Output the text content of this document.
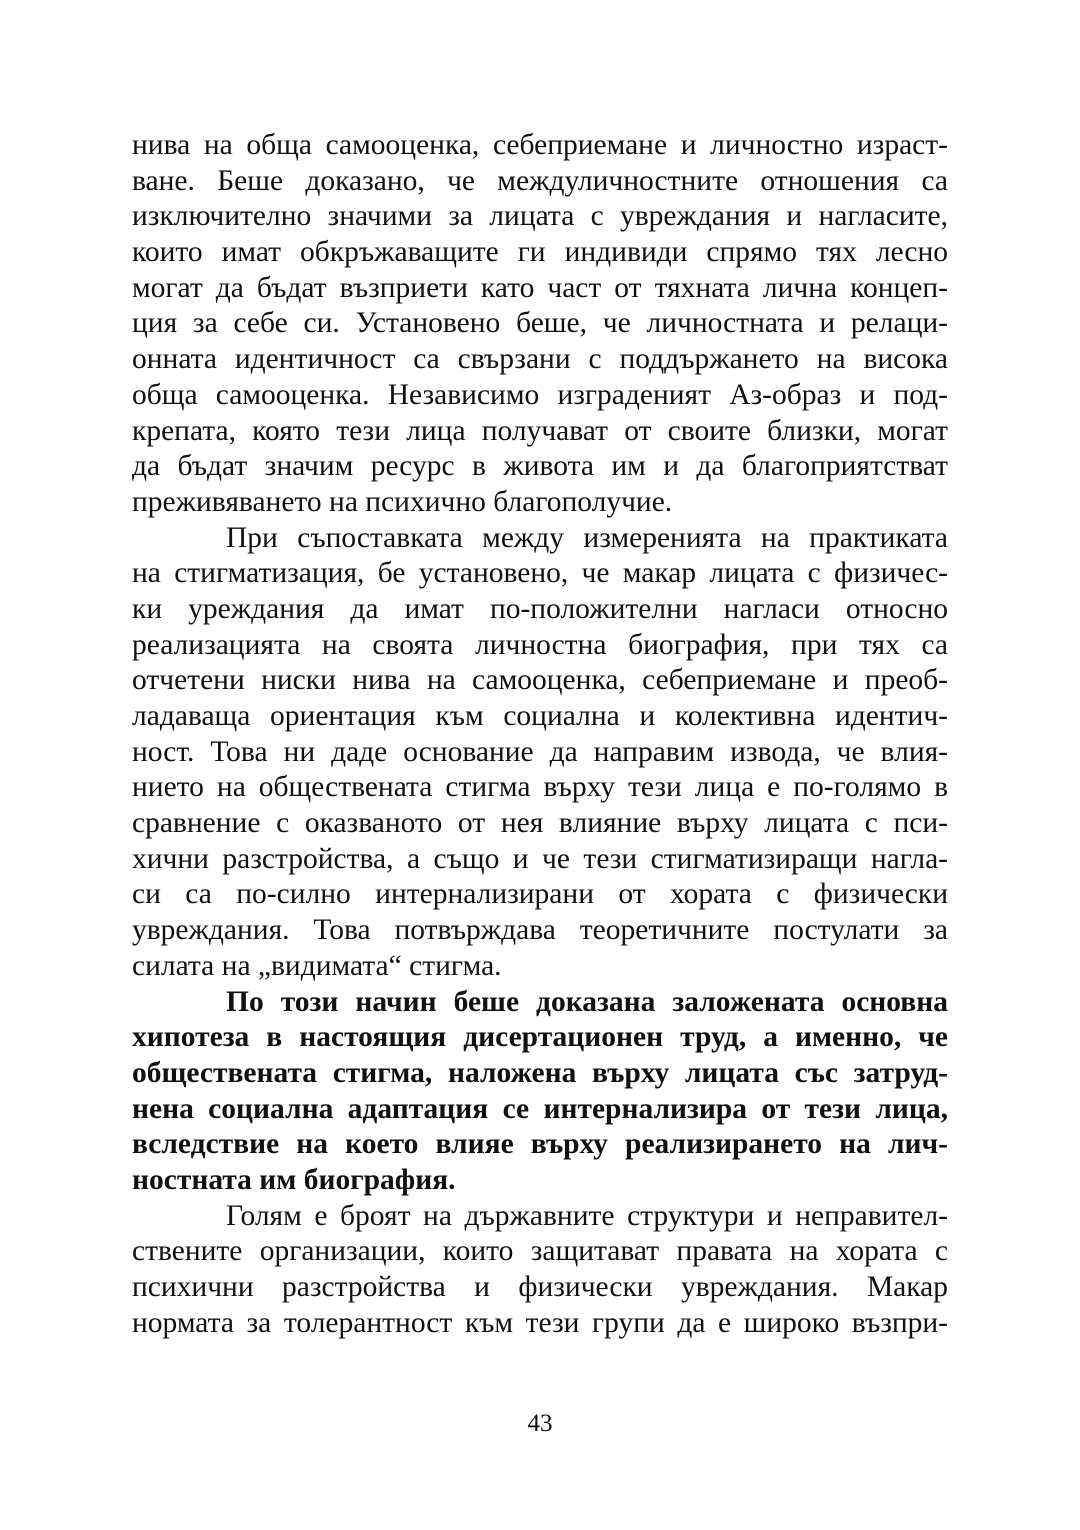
нива на обща самооценка, себеприемане и личностно израст-
ване. Беше доказано, че междуличностните отношения са
изключително значими за лицата с увреждания и нагласите,
които имат обкръжаващите ги индивиди спрямо тях лесно
могат да бъдат възприети като част от тяхната лична концеп-
ция за себе си. Установено беше, че личностната и релаци-
онната идентичност са свързани с поддържането на висока
обща самооценка. Независимо изграденият Аз-образ и под-
крепата, която тези лица получават от своите близки, могат
да бъдат значим ресурс в живота им и да благоприятстват
преживяването на психично благополучие.
При съпоставката между измеренията на практиката
на стигматизация, бе установено, че макар лицата с физичес-
ки уреждания да имат по-положителни нагласи относно
реализацията на своята личностна биография, при тях са
отчетени ниски нива на самооценка, себеприемане и преоб-
ладаваща ориентация към социална и колективна идентич-
ност. Това ни даде основание да направим извода, че влия-
нието на обществената стигма върху тези лица е по-голямо в
сравнение с оказваното от нея влияние върху лицата с пси-
хични разстройства, а също и че тези стигматизиращи нагла-
си са по-силно интернализирани от хората с физически
увреждания. Това потвърждава теоретичните постулати за
силата на „видимата“ стигма.
По този начин беше доказана заложената основна
хипотеза в настоящия дисертационен труд, а именно, че
обществената стигма, наложена върху лицата със затруд-
нена социална адаптация се интернализира от тези лица,
вследствие на което влияе върху реализирането на лич-
ностната им биография.
Голям е броят на държавните структури и неправител-
ствените организации, които защитават правата на хората с
психични разстройства и физически увреждания. Макар
нормата за толерантност към тези групи да е широко възпри-
43
